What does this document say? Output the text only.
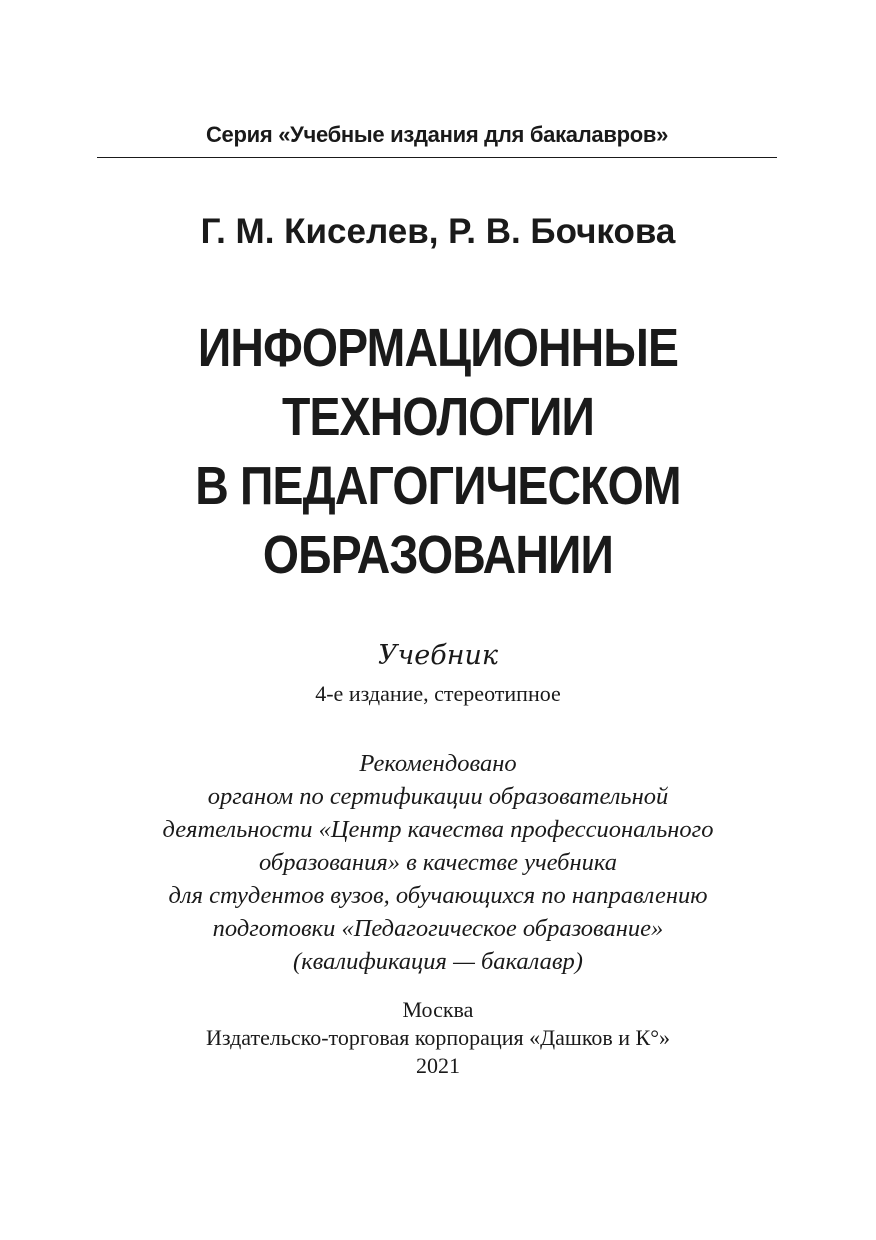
Серия «Учебные издания для бакалавров»
Г. М. Киселев, Р. В. Бочкова
ИНФОРМАЦИОННЫЕ
ТЕХНОЛОГИИ
В ПЕДАГОГИЧЕСКОМ
ОБРАЗОВАНИИ
Учебник
4-е издание, стереотипное
Рекомендовано
органом по сертификации образовательной
деятельности «Центр качества профессионального
образования» в качестве учебника
для студентов вузов, обучающихся по направлению
подготовки «Педагогическое образование»
(квалификация — бакалавр)
Москва
Издательско-торговая корпорация «Дашков и К°»
2021
